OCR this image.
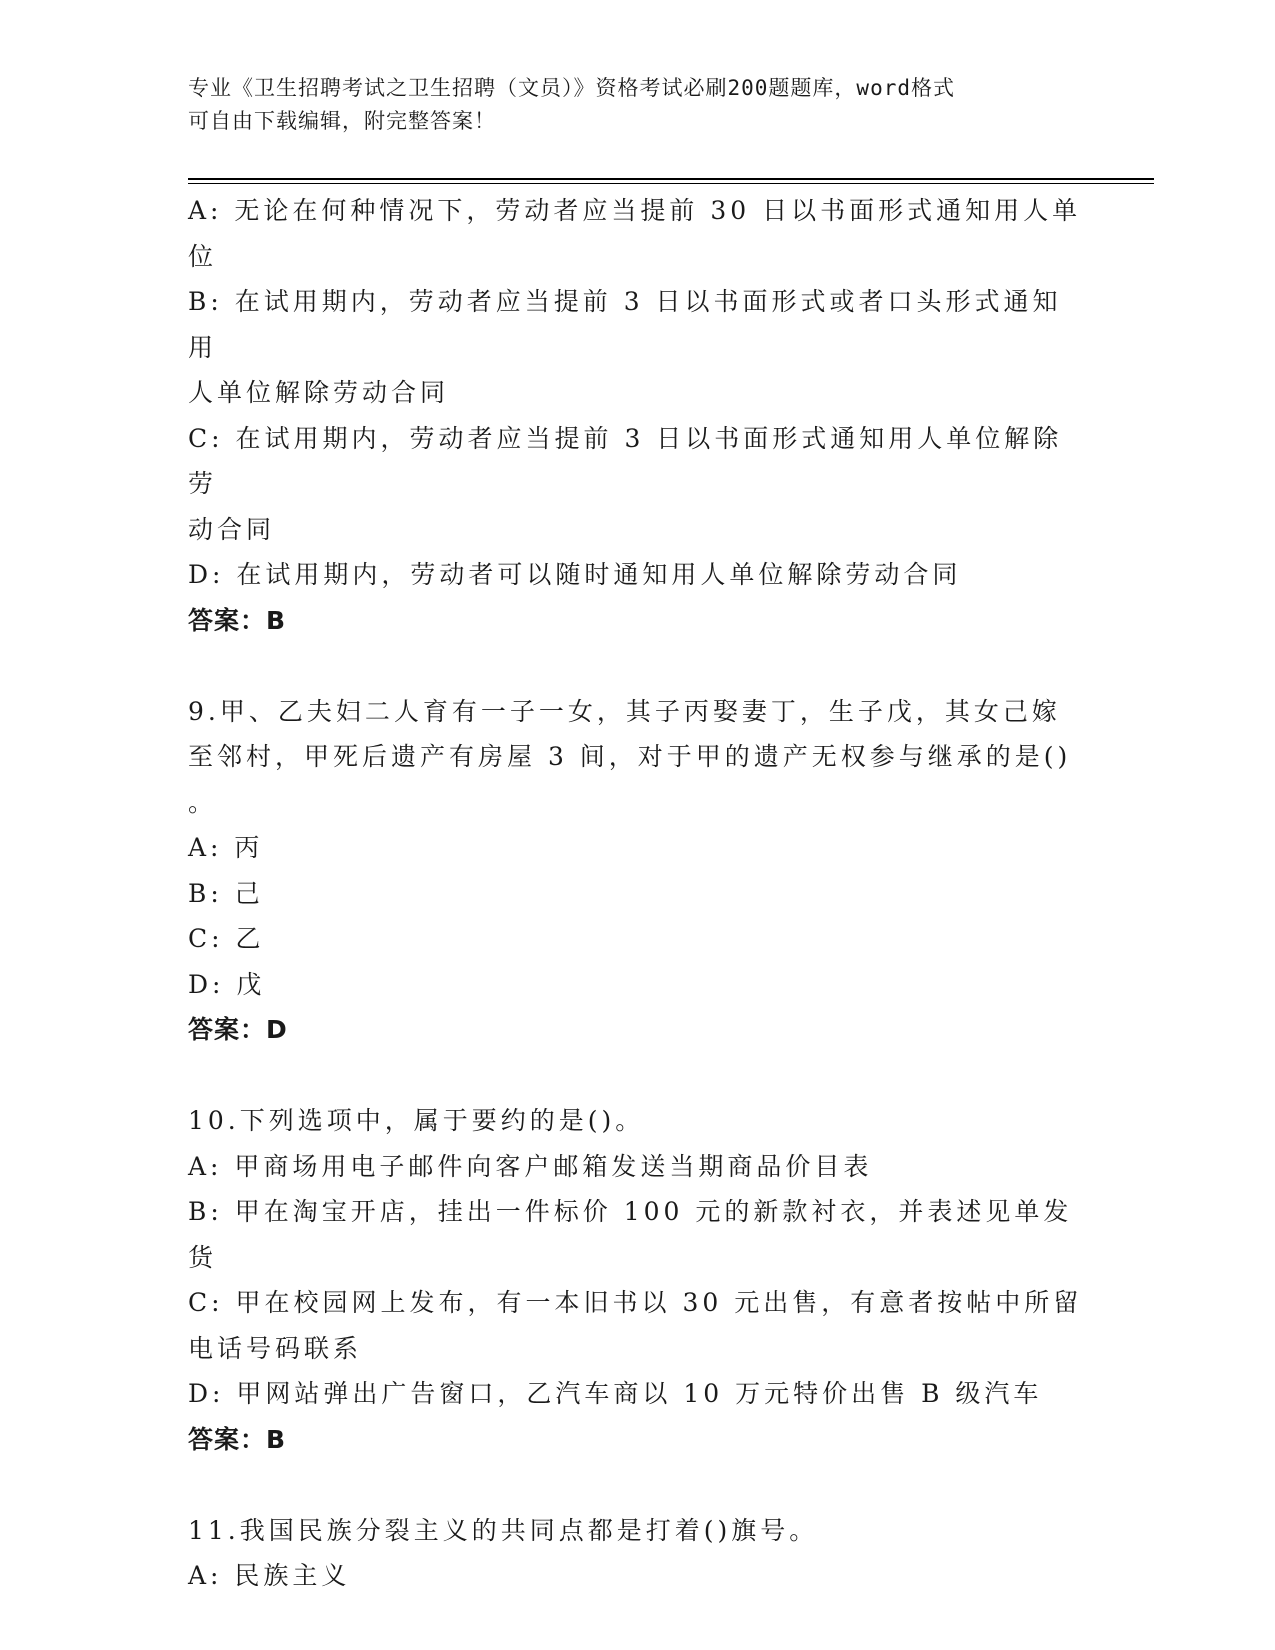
专业《卫生招聘考试之卫生招聘（文员）》资格考试必刷200题题库，word格式

可自由下载编辑，附完整答案！

A: 无论在何种情况下，劳动者应当提前 30 日以书面形式通知用人单

位

B: 在试用期内，劳动者应当提前 3 日以书面形式或者口头形式通知用

人单位解除劳动合同

C: 在试用期内，劳动者应当提前 3 日以书面形式通知用人单位解除劳

动合同

D: 在试用期内，劳动者可以随时通知用人单位解除劳动合同

答案：B

9.甲、乙夫妇二人育有一子一女，其子丙娶妻丁，生子戊，其女己嫁

至邻村，甲死后遗产有房屋 3 间，对于甲的遗产无权参与继承的是()

。

A: 丙

B: 己

C: 乙

D: 戊

答案：D

10.下列选项中，属于要约的是()。

A: 甲商场用电子邮件向客户邮箱发送当期商品价目表

B: 甲在淘宝开店，挂出一件标价 100 元的新款衬衣，并表述见单发货

C: 甲在校园网上发布，有一本旧书以 30 元出售，有意者按帖中所留

电话号码联系

D: 甲网站弹出广告窗口，乙汽车商以 10 万元特价出售 B 级汽车

答案：B

11.我国民族分裂主义的共同点都是打着()旗号。

A: 民族主义
